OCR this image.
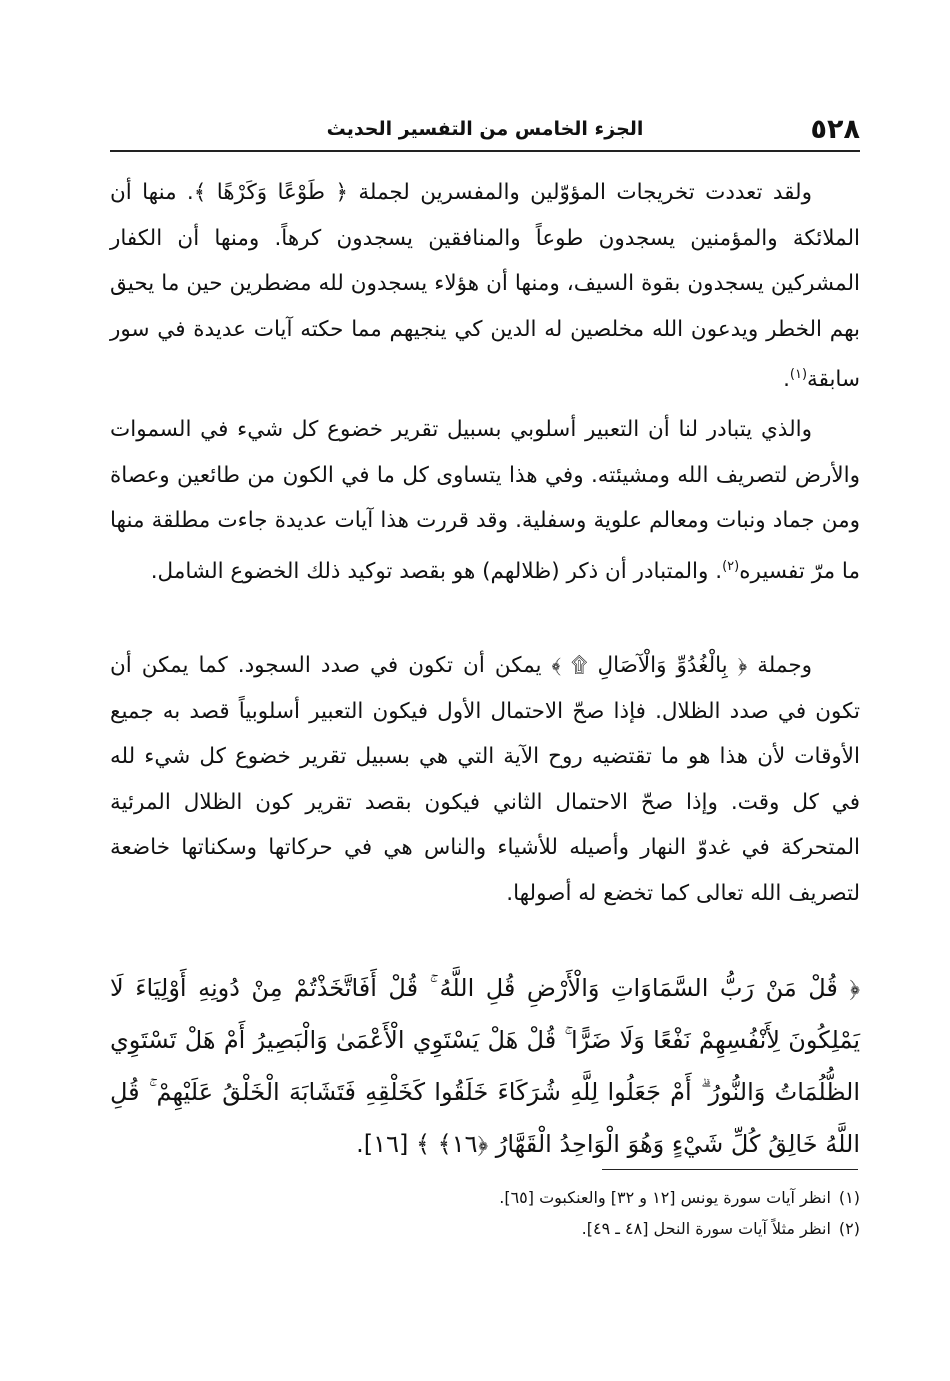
٥٢٨
الجزء الخامس من التفسير الحديث

ولقد تعددت تخريجات المؤوّلين والمفسرين لجملة ﴿ طَوْعًا وَكَرْهًا ﴾. منها أن الملائكة والمؤمنين يسجدون طوعاً والمنافقين يسجدون كرهاً. ومنها أن الكفار المشركين يسجدون بقوة السيف، ومنها أن هؤلاء يسجدون لله مضطرين حين ما يحيق بهم الخطر ويدعون الله مخلصين له الدين كي ينجيهم مما حكته آيات عديدة في سور سابقة$^{(١)}$.

والذي يتبادر لنا أن التعبير أسلوبي بسبيل تقرير خضوع كل شيء في السموات والأرض لتصريف الله ومشيئته. وفي هذا يتساوى كل ما في الكون من طائعين وعصاة ومن جماد ونبات ومعالم علوية وسفلية. وقد قررت هذا آيات عديدة جاءت مطلقة منها ما مرّ تفسيره$^{(٢)}$. والمتبادر أن ذكر (ظلالهم) هو بقصد توكيد ذلك الخضوع الشامل.

وجملة ﴿ بِالْغُدُوِّ وَالْآصَالِ ۩ ﴾ يمكن أن تكون في صدد السجود. كما يمكن أن تكون في صدد الظلال. فإذا صحّ الاحتمال الأول فيكون التعبير أسلوبياً قصد به جميع الأوقات لأن هذا هو ما تقتضيه روح الآية التي هي بسبيل تقرير خضوع كل شيء لله في كل وقت. وإذا صحّ الاحتمال الثاني فيكون بقصد تقرير كون الظلال المرئية المتحركة في غدوّ النهار وأصيله للأشياء والناس هي في حركاتها وسكناتها خاضعة لتصريف الله تعالى كما تخضع له أصولها.

﴿ قُلْ مَنْ رَبُّ السَّمَاوَاتِ وَالْأَرْضِ قُلِ اللَّهُ ۚ قُلْ أَفَاتَّخَذْتُمْ مِنْ دُونِهِ أَوْلِيَاءَ لَا يَمْلِكُونَ لِأَنْفُسِهِمْ نَفْعًا وَلَا ضَرًّا ۚ قُلْ هَلْ يَسْتَوِي الْأَعْمَىٰ وَالْبَصِيرُ أَمْ هَلْ تَسْتَوِي الظُّلُمَاتُ وَالنُّورُ ۗ أَمْ جَعَلُوا لِلَّهِ شُرَكَاءَ خَلَقُوا كَخَلْقِهِ فَتَشَابَهَ الْخَلْقُ عَلَيْهِمْ ۚ قُلِ اللَّهُ خَالِقُ كُلِّ شَيْءٍ وَهُوَ الْوَاحِدُ الْقَهَّارُ ﴿١٦﴾ ﴾ [١٦].

(١)انظر آيات سورة يونس [١٢ و ٣٢] والعنكبوت [٦٥].

(٢)انظر مثلاً آيات سورة النحل [٤٨ ـ ٤٩].
